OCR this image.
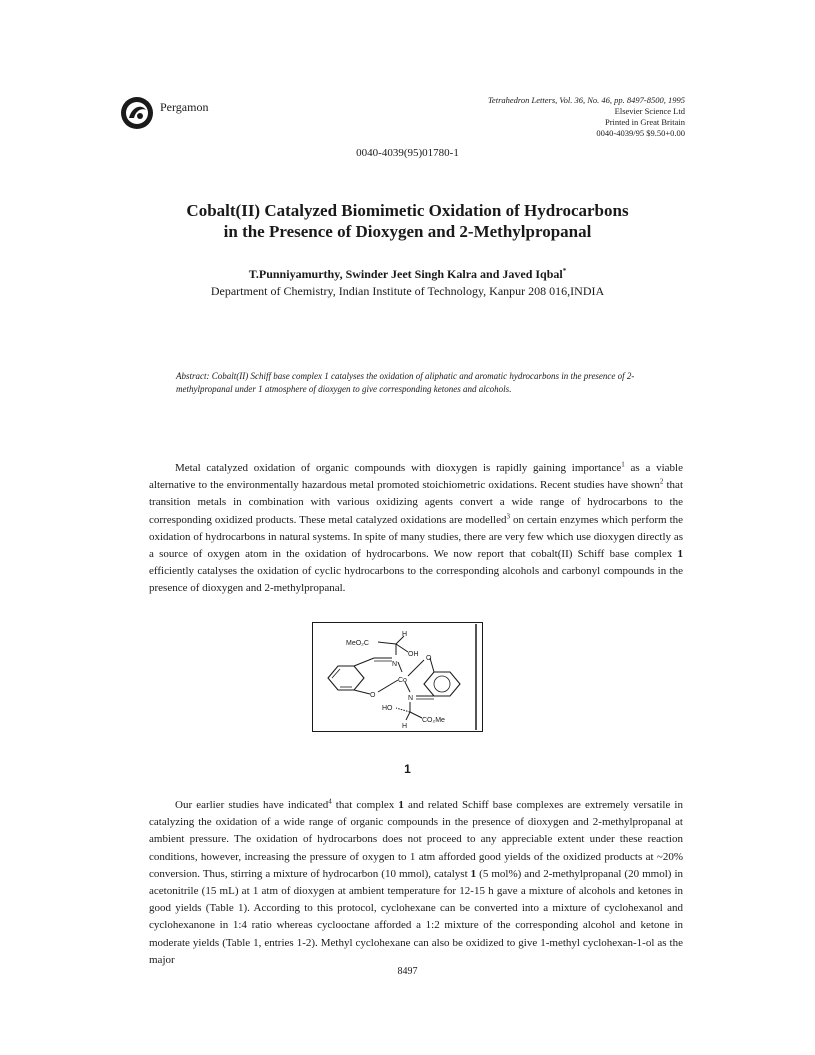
Pergamon	Tetrahedron Letters, Vol. 36, No. 46, pp. 8497-8500, 1995
Elsevier Science Ltd
Printed in Great Britain
0040-4039/95 $9.50+0.00
0040-4039(95)01780-1
Cobalt(II) Catalyzed Biomimetic Oxidation of Hydrocarbons
in the Presence of Dioxygen and 2-Methylpropanal
T.Punniyamurthy, Swinder Jeet Singh Kalra and Javed Iqbal*
Department of Chemistry, Indian Institute of Technology, Kanpur 208 016,INDIA
Abstract: Cobalt(II) Schiff base complex 1 catalyses the oxidation of aliphatic and aromatic hydrocarbons in the presence of 2-methylpropanal under 1 atmosphere of dioxygen to give corresponding ketones and alcohols.
Metal catalyzed oxidation of organic compounds with dioxygen is rapidly gaining importance$^1$ as a viable alternative to the environmentally hazardous metal promoted stoichiometric oxidations. Recent studies have shown$^2$ that transition metals in combination with various oxidizing agents convert a wide range of hydrocarbons to the corresponding oxidized products. These metal catalyzed oxidations are modelled$^3$ on certain enzymes which perform the oxidation of hydrocarbons in natural systems. In spite of many studies, there are very few which use dioxygen directly as a source of oxygen atom in the oxidation of hydrocarbons. We now report that cobalt(II) Schiff base complex 1 efficiently catalyses the oxidation of cyclic hydrocarbons to the corresponding alcohols and carbonyl compounds in the presence of dioxygen and 2-methylpropanal.
H
MeO₂C
OH
N
O
Co
O	N
HO
CO₂Me
H
1
Our earlier studies have indicated$^4$ that complex 1 and related Schiff base complexes are extremely versatile in catalyzing the oxidation of a wide range of organic compounds in the presence of dioxygen and 2-methylpropanal at ambient pressure. The oxidation of hydrocarbons does not proceed to any appreciable extent under these reaction conditions, however, increasing the pressure of oxygen to 1 atm afforded good yields of the oxidized products at ~20% conversion. Thus, stirring a mixture of hydrocarbon (10 mmol), catalyst 1 (5 mol%) and 2-methylpropanal (20 mmol) in acetonitrile (15 mL) at 1 atm of dioxygen at ambient temperature for 12-15 h gave a mixture of alcohols and ketones in good yields (Table 1). According to this protocol, cyclohexane can be converted into a mixture of cyclohexanol and cyclohexanone in 1:4 ratio whereas cyclooctane afforded a 1:2 mixture of the corresponding alcohol and ketone in moderate yields (Table 1, entries 1-2). Methyl cyclohexane can also be oxidized to give 1-methyl cyclohexan-1-ol as the major
8497
